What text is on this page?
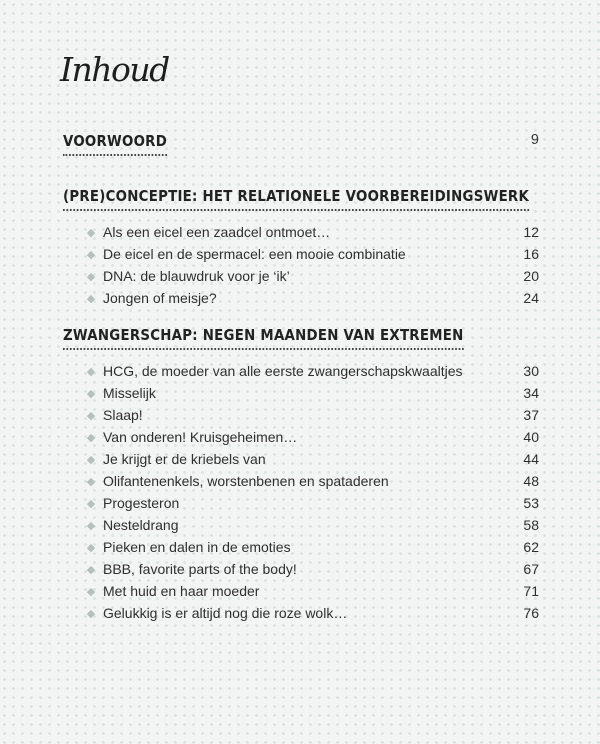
Inhoud
VOORWOORD	9
(PRE)CONCEPTIE: HET RELATIONELE VOORBEREIDINGSWERK
◆ Als een eicel een zaadcel ontmoet…	12
◆ De eicel en de spermacel: een mooie combinatie	16
◆ DNA: de blauwdruk voor je ‘ik’	20
◆ Jongen of meisje?	24
ZWANGERSCHAP: NEGEN MAANDEN VAN EXTREMEN
◆ HCG, de moeder van alle eerste zwangerschapskwaaltjes	30
◆ Misselijk	34
◆ Slaap!	37
◆ Van onderen! Kruisgeheimen…	40
◆ Je krijgt er de kriebels van	44
◆ Olifantenenkels, worstenbenen en spataderen	48
◆ Progesteron	53
◆ Nesteldrang	58
◆ Pieken en dalen in de emoties	62
◆ BBB, favorite parts of the body!	67
◆ Met huid en haar moeder	71
◆ Gelukkig is er altijd nog die roze wolk…	76
